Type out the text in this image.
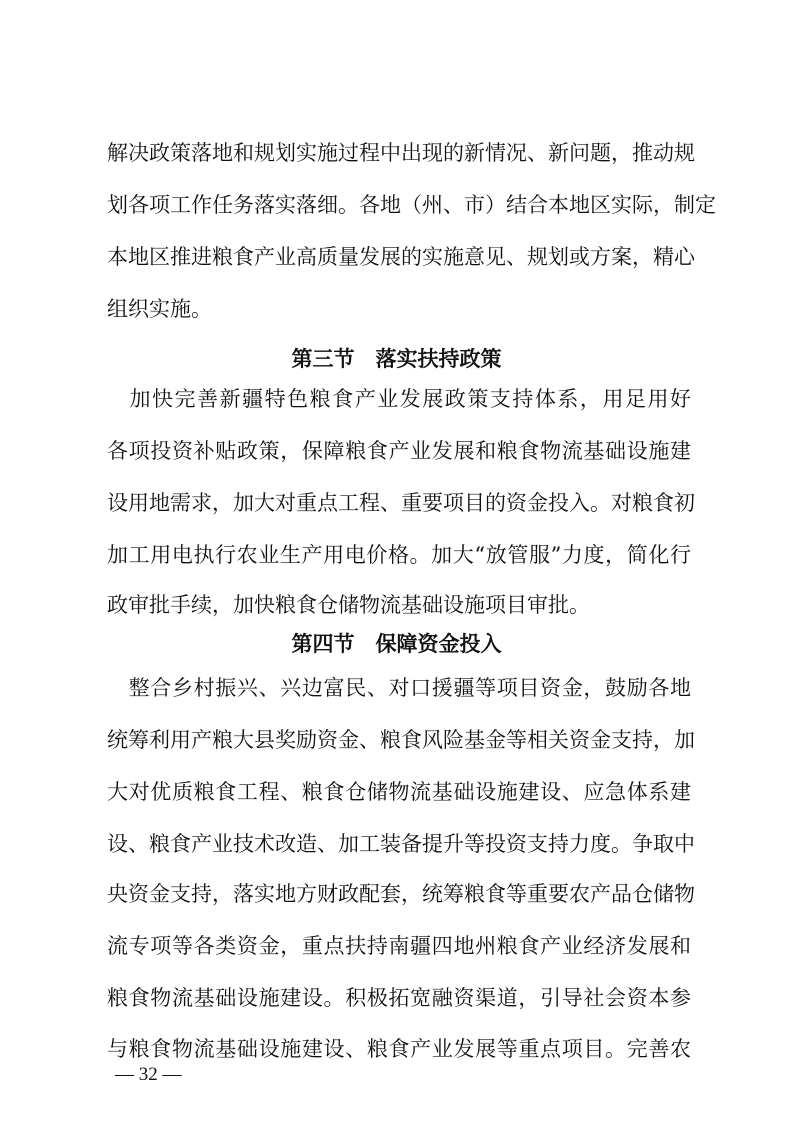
解决政策落地和规划实施过程中出现的新情况、新问题，推动规
划各项工作任务落实落细。各地（州、市）结合本地区实际，制定
本地区推进粮食产业高质量发展的实施意见、规划或方案，精心
组织实施。
第三节　落实扶持政策
　加快完善新疆特色粮食产业发展政策支持体系，用足用好
各项投资补贴政策，保障粮食产业发展和粮食物流基础设施建
设用地需求，加大对重点工程、重要项目的资金投入。对粮食初
加工用电执行农业生产用电价格。加大“放管服”力度，简化行
政审批手续，加快粮食仓储物流基础设施项目审批。
第四节　保障资金投入
　整合乡村振兴、兴边富民、对口援疆等项目资金，鼓励各地
统筹利用产粮大县奖励资金、粮食风险基金等相关资金支持，加
大对优质粮食工程、粮食仓储物流基础设施建设、应急体系建
设、粮食产业技术改造、加工装备提升等投资支持力度。争取中
央资金支持，落实地方财政配套，统筹粮食等重要农产品仓储物
流专项等各类资金，重点扶持南疆四地州粮食产业经济发展和
粮食物流基础设施建设。积极拓宽融资渠道，引导社会资本参
与粮食物流基础设施建设、粮食产业发展等重点项目。完善农
— 32 —
